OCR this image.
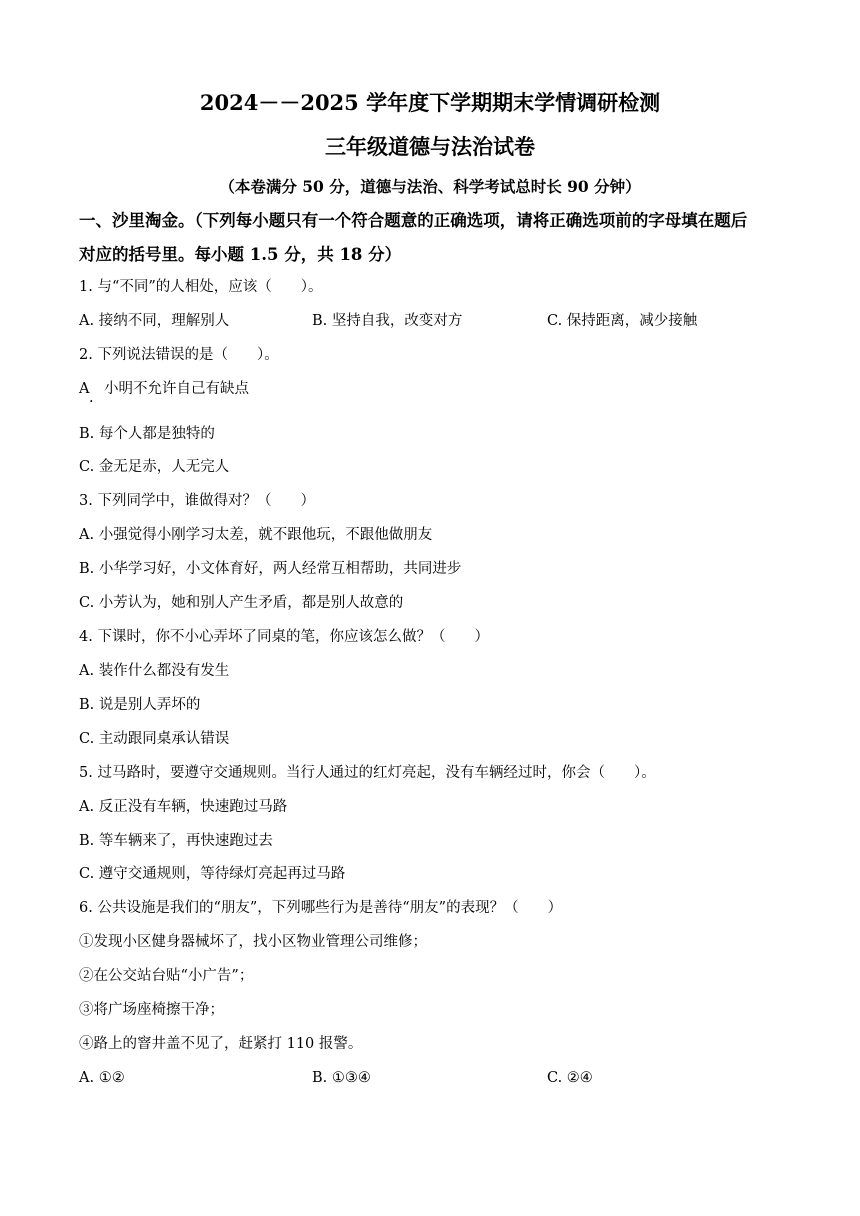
2024－－2025 学年度下学期期末学情调研检测
三年级道德与法治试卷
（本卷满分 50 分，道德与法治、科学考试总时长 90 分钟）
一、沙里淘金。（下列每小题只有一个符合题意的正确选项，请将正确选项前的字母填在题后
对应的括号里。每小题 1.5 分，共 18 分）
1. 与“不同”的人相处，应该（　　）。
A. 接纳不同，理解别人	B. 坚持自我，改变对方	C. 保持距离，减少接触
2. 下列说法错误的是（　　）。
A　小明不允许自己有缺点
·
B. 每个人都是独特的
C. 金无足赤，人无完人
3. 下列同学中，谁做得对？（　　）
A. 小强觉得小刚学习太差，就不跟他玩，不跟他做朋友
B. 小华学习好，小文体育好，两人经常互相帮助，共同进步
C. 小芳认为，她和别人产生矛盾，都是别人故意的
4. 下课时，你不小心弄坏了同桌的笔，你应该怎么做？（　　）
A. 装作什么都没有发生
B. 说是别人弄坏的
C. 主动跟同桌承认错误
5. 过马路时，要遵守交通规则。当行人通过的红灯亮起，没有车辆经过时，你会（　　）。
A. 反正没有车辆，快速跑过马路
B. 等车辆来了，再快速跑过去
C. 遵守交通规则，等待绿灯亮起再过马路
6. 公共设施是我们的“朋友”，下列哪些行为是善待“朋友”的表现？（　　）
①发现小区健身器械坏了，找小区物业管理公司维修；
②在公交站台贴“小广告”；
③将广场座椅擦干净；
④路上的窨井盖不见了，赶紧打 110 报警。
A. ①②	B. ①③④	C. ②④
